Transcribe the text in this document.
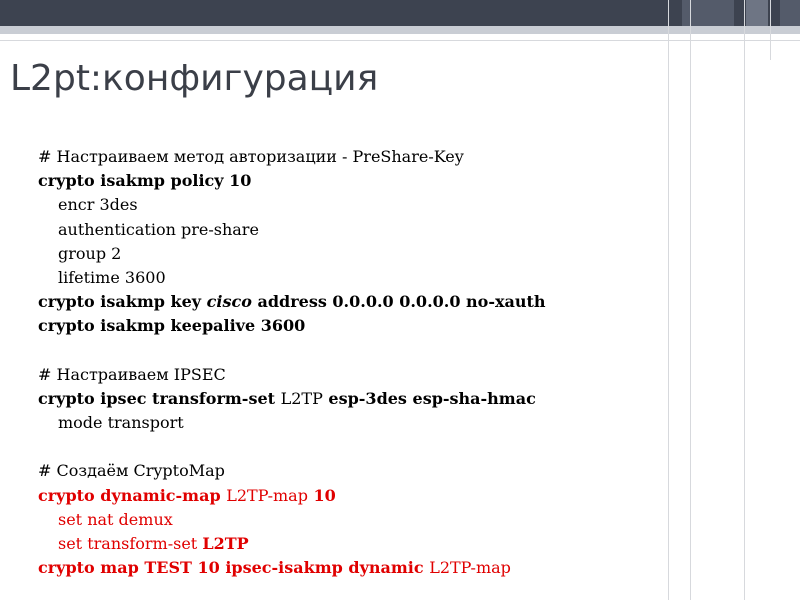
L2pt:конфигурация
# Настраиваем метод авторизации - PreShare-Key
crypto isakmp policy 10
encr 3des
authentication pre-share
group 2
lifetime 3600
crypto isakmp key cisco address 0.0.0.0 0.0.0.0 no-xauth
crypto isakmp keepalive 3600
# Настраиваем IPSEC
crypto ipsec transform-set L2TP esp-3des esp-sha-hmac
mode transport
# Создаём CryptoMap
crypto dynamic-map L2TP-map 10
set nat demux
set transform-set L2TP
crypto map TEST 10 ipsec-isakmp dynamic L2TP-map
